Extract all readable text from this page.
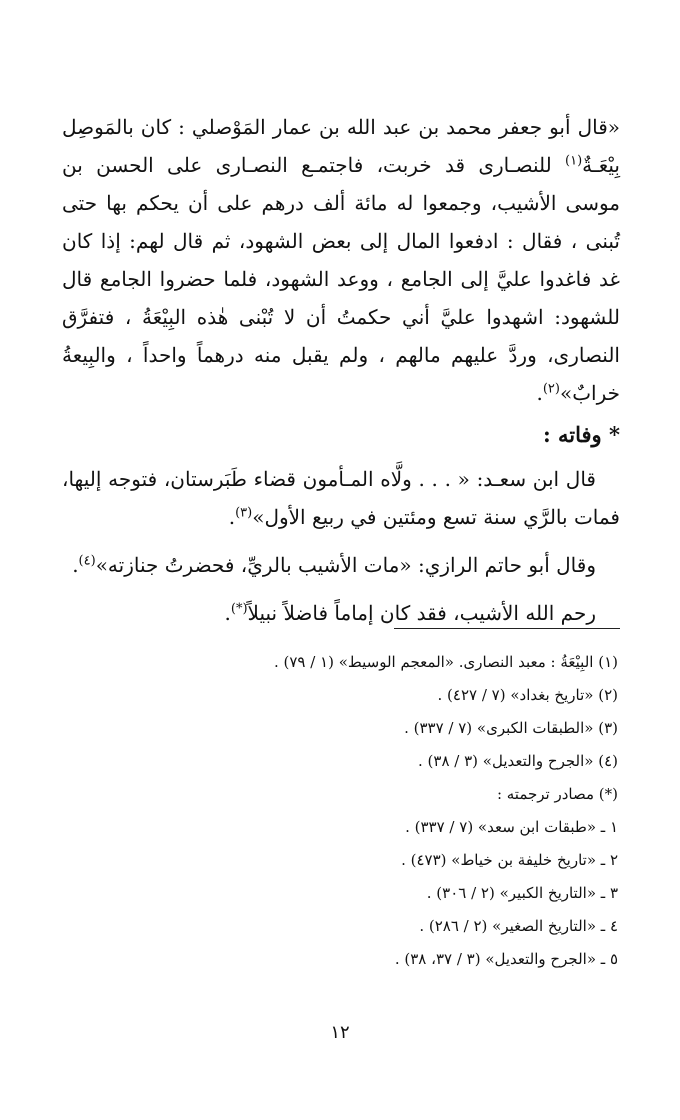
«قال أبو جعفر محمد بن عبد الله بن عمار المَوْصلي : كان بالمَوصِل بِيْعَـةٌ$^{(١)}$ للنصـارى قد خربت، فاجتمـع النصـارى على الحسن بن موسى الأشيب، وجمعوا له مائة ألف درهم على أن يحكم بها حتى تُبنى ، فقال : ادفعوا المال إلى بعض الشهود، ثم قال لهم: إذا كان غد فاغدوا عليَّ إلى الجامع ، ووعد الشهود، فلما حضروا الجامع قال للشهود: اشهدوا عليَّ أني حكمتُ أن لا تُبْنى هٰذه البِيْعَةُ ، فتفرَّق النصارى، وردَّ عليهم مالهم ، ولم يقبل منه درهماً واحداً ، والبِيعةُ خرابٌ»$^{(٢)}$.

* وفاته :

قال ابن سعـد: « . . . ولَّاه المـأمون قضاء طَبَرستان، فتوجه إليها، فمات بالرَّي سنة تسع ومئتين في ربيع الأول»$^{(٣)}$.

وقال أبو حاتم الرازي: «مات الأشيب بالريِّ، فحضرتُ جنازته»$^{(٤)}$.

رحم الله الأشيب، فقد كان إماماً فاضلاً نبيلاً(*).

(١) البِيْعَةُ : معبد النصارى. «المعجم الوسيط» (١ / ٧٩) .

(٢) «تاريخ بغداد» (٧ / ٤٢٧) .

(٣) «الطبقات الكبرى» (٧ / ٣٣٧) .

(٤) «الجرح والتعديل» (٣ / ٣٨) .

(*) مصادر ترجمته :

١ ـ «طبقات ابن سعد» (٧ / ٣٣٧) .

٢ ـ «تاريخ خليفة بن خياط» (٤٧٣) .

٣ ـ «التاريخ الكبير» (٢ / ٣٠٦) .

٤ ـ «التاريخ الصغير» (٢ / ٢٨٦) .

٥ ـ «الجرح والتعديل» (٣ / ٣٧، ٣٨) .

١٢
